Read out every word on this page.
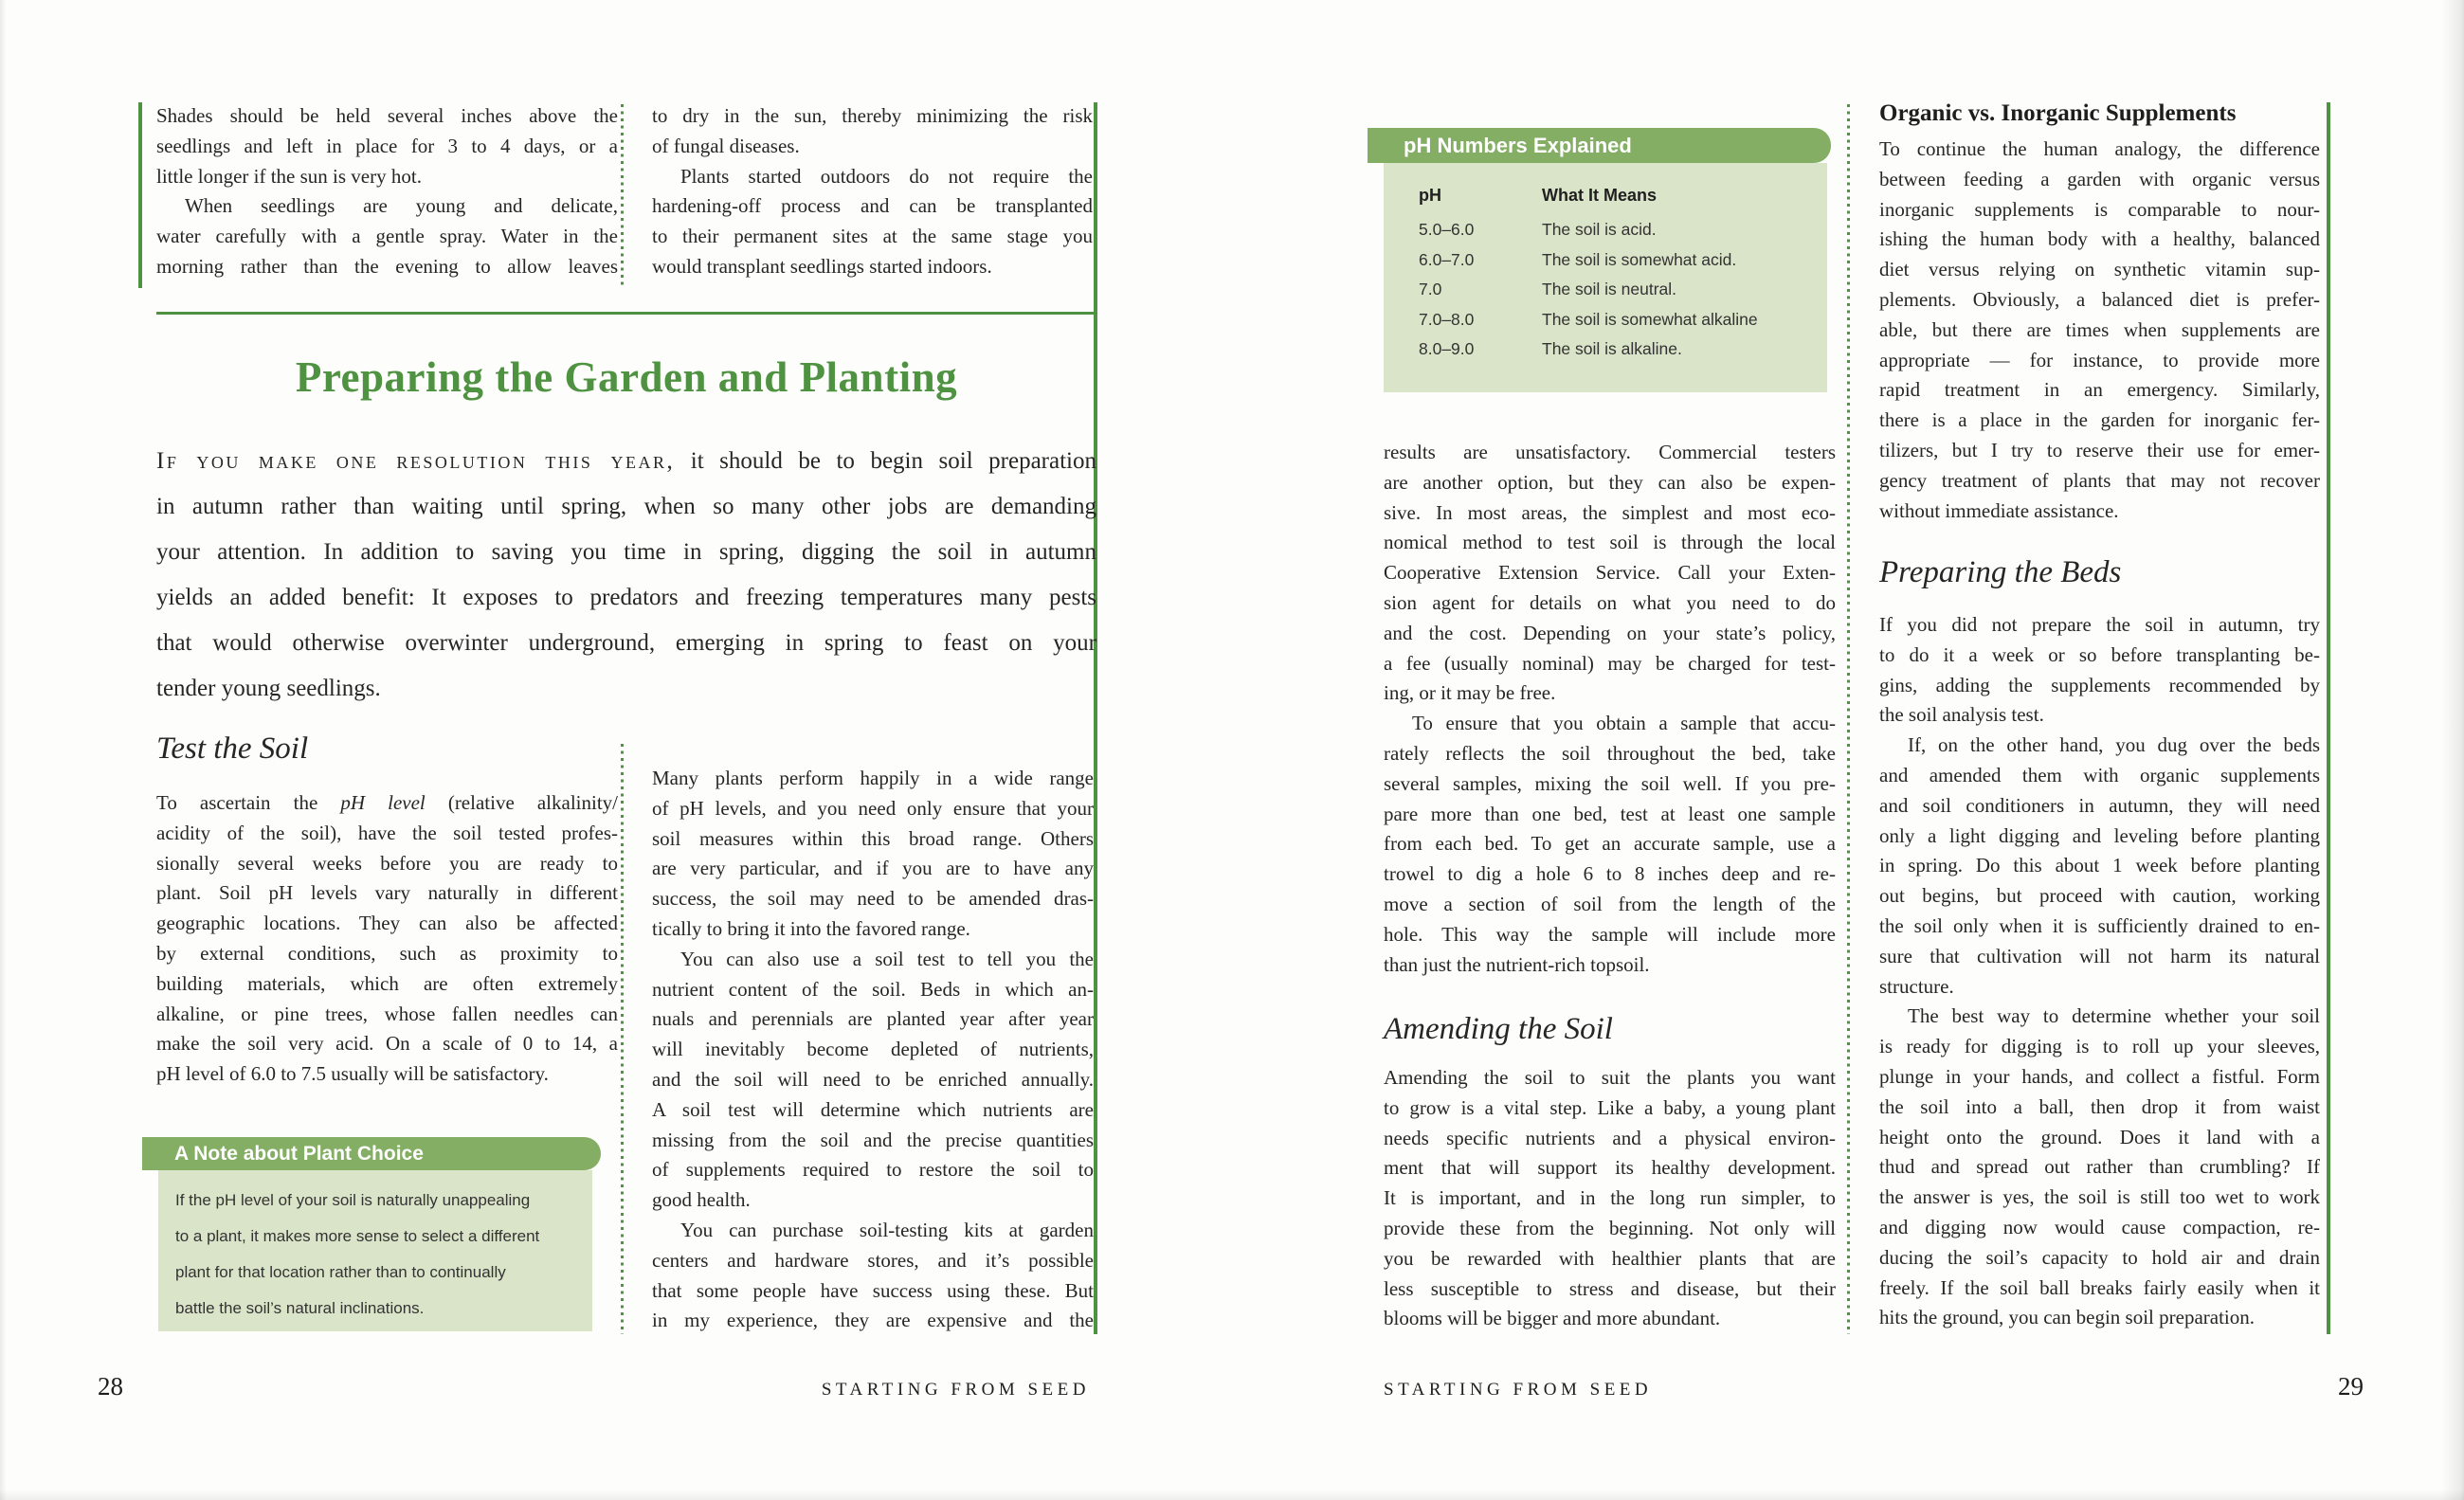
Shades should be held several inches above the
seedlings and left in place for 3 to 4 days, or a
little longer if the sun is very hot.
When seedlings are young and delicate,
water carefully with a gentle spray. Water in the
morning rather than the evening to allow leaves
to dry in the sun, thereby minimizing the risk
of fungal diseases.
Plants started outdoors do not require the
hardening-off process and can be transplanted
to their permanent sites at the same stage you
would transplant seedlings started indoors.
Preparing the Garden and Planting
If you make one resolution this year, it should be to begin soil preparation
in autumn rather than waiting until spring, when so many other jobs are demanding
your attention. In addition to saving you time in spring, digging the soil in autumn
yields an added benefit: It exposes to predators and freezing temperatures many pests
that would otherwise overwinter underground, emerging in spring to feast on your
tender young seedlings.
Test the Soil
To ascertain the pH level (relative alkalinity/
acidity of the soil), have the soil tested profes-
sionally several weeks before you are ready to
plant. Soil pH levels vary naturally in different
geographic locations. They can also be affected
by external conditions, such as proximity to
building materials, which are often extremely
alkaline, or pine trees, whose fallen needles can
make the soil very acid. On a scale of 0 to 14, a
pH level of 6.0 to 7.5 usually will be satisfactory.
Many plants perform happily in a wide range
of pH levels, and you need only ensure that your
soil measures within this broad range. Others
are very particular, and if you are to have any
success, the soil may need to be amended dras-
tically to bring it into the favored range.
You can also use a soil test to tell you the
nutrient content of the soil. Beds in which an-
nuals and perennials are planted year after year
will inevitably become depleted of nutrients,
and the soil will need to be enriched annually.
A soil test will determine which nutrients are
missing from the soil and the precise quantities
of supplements required to restore the soil to
good health.
You can purchase soil-testing kits at garden
centers and hardware stores, and it’s possible
that some people have success using these. But
in my experience, they are expensive and the
A Note about Plant Choice
If the pH level of your soil is naturally unappealing
to a plant, it makes more sense to select a different
plant for that location rather than to continually
battle the soil’s natural inclinations.
28	STARTING FROM SEED
pH Numbers Explained
pH	What It Means
5.0–6.0	The soil is acid.
6.0–7.0	The soil is somewhat acid.
7.0	The soil is neutral.
7.0–8.0	The soil is somewhat alkaline
8.0–9.0	The soil is alkaline.
results are unsatisfactory. Commercial testers
are another option, but they can also be expen-
sive. In most areas, the simplest and most eco-
nomical method to test soil is through the local
Cooperative Extension Service. Call your Exten-
sion agent for details on what you need to do
and the cost. Depending on your state’s policy,
a fee (usually nominal) may be charged for test-
ing, or it may be free.
To ensure that you obtain a sample that accu-
rately reflects the soil throughout the bed, take
several samples, mixing the soil well. If you pre-
pare more than one bed, test at least one sample
from each bed. To get an accurate sample, use a
trowel to dig a hole 6 to 8 inches deep and re-
move a section of soil from the length of the
hole. This way the sample will include more
than just the nutrient-rich topsoil.
Amending the Soil
Amending the soil to suit the plants you want
to grow is a vital step. Like a baby, a young plant
needs specific nutrients and a physical environ-
ment that will support its healthy development.
It is important, and in the long run simpler, to
provide these from the beginning. Not only will
you be rewarded with healthier plants that are
less susceptible to stress and disease, but their
blooms will be bigger and more abundant.
Organic vs. Inorganic Supplements
To continue the human analogy, the difference
between feeding a garden with organic versus
inorganic supplements is comparable to nour-
ishing the human body with a healthy, balanced
diet versus relying on synthetic vitamin sup-
plements. Obviously, a balanced diet is prefer-
able, but there are times when supplements are
appropriate — for instance, to provide more
rapid treatment in an emergency. Similarly,
there is a place in the garden for inorganic fer-
tilizers, but I try to reserve their use for emer-
gency treatment of plants that may not recover
without immediate assistance.
Preparing the Beds
If you did not prepare the soil in autumn, try
to do it a week or so before transplanting be-
gins, adding the supplements recommended by
the soil analysis test.
If, on the other hand, you dug over the beds
and amended them with organic supplements
and soil conditioners in autumn, they will need
only a light digging and leveling before planting
in spring. Do this about 1 week before planting
out begins, but proceed with caution, working
the soil only when it is sufficiently drained to en-
sure that cultivation will not harm its natural
structure.
The best way to determine whether your soil
is ready for digging is to roll up your sleeves,
plunge in your hands, and collect a fistful. Form
the soil into a ball, then drop it from waist
height onto the ground. Does it land with a
thud and spread out rather than crumbling? If
the answer is yes, the soil is still too wet to work
and digging now would cause compaction, re-
ducing the soil’s capacity to hold air and drain
freely. If the soil ball breaks fairly easily when it
hits the ground, you can begin soil preparation.
STARTING FROM SEED	29
